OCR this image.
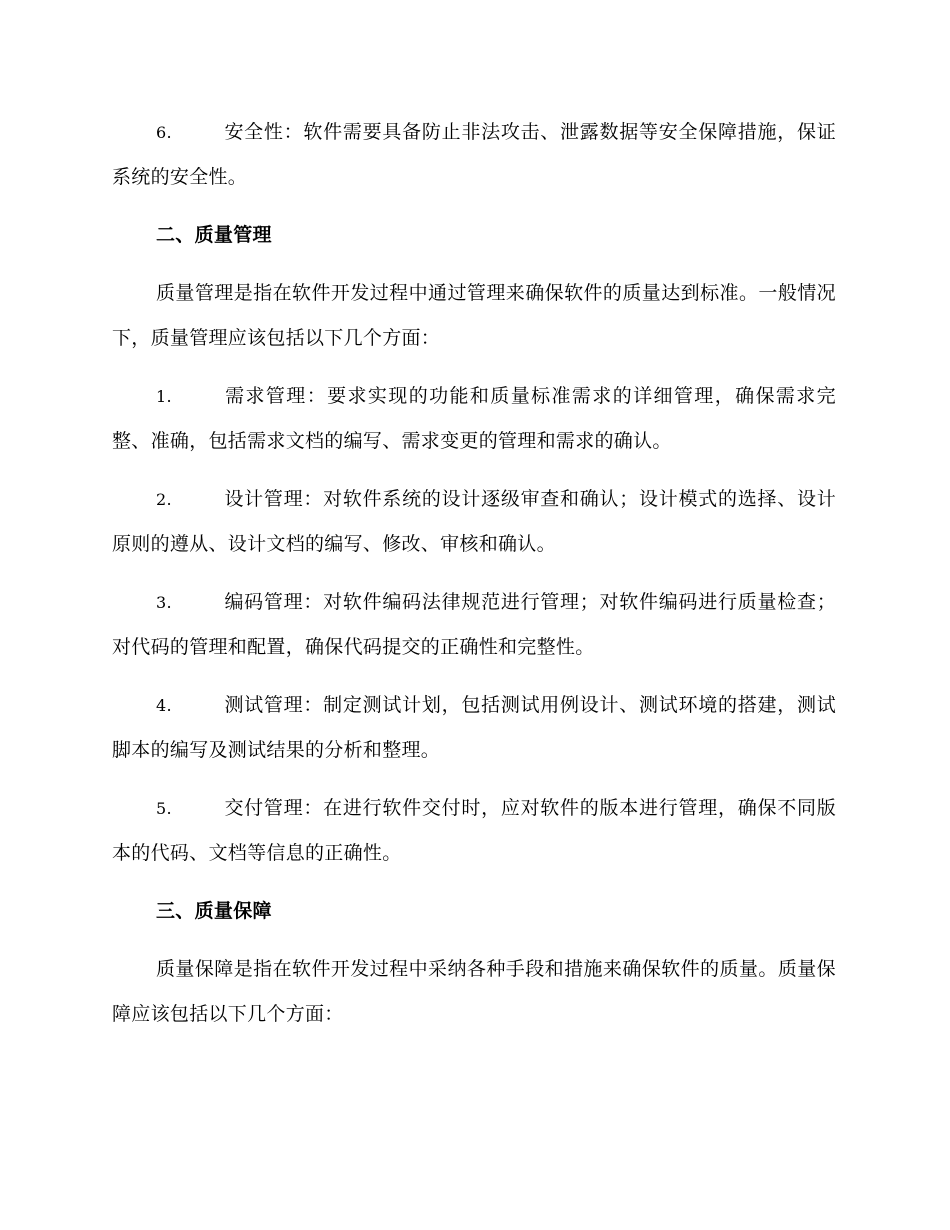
6.	安全性：软件需要具备防止非法攻击、泄露数据等安全保障措施，保证系统的安全性。

二、质量管理

质量管理是指在软件开发过程中通过管理来确保软件的质量达到标准。一般情况下，质量管理应该包括以下几个方面：

1.	需求管理：要求实现的功能和质量标准需求的详细管理，确保需求完整、准确，包括需求文档的编写、需求变更的管理和需求的确认。

2.	设计管理：对软件系统的设计逐级审查和确认；设计模式的选择、设计原则的遵从、设计文档的编写、修改、审核和确认。

3.	编码管理：对软件编码法律规范进行管理；对软件编码进行质量检查；对代码的管理和配置，确保代码提交的正确性和完整性。

4.	测试管理：制定测试计划，包括测试用例设计、测试环境的搭建，测试脚本的编写及测试结果的分析和整理。

5.	交付管理：在进行软件交付时，应对软件的版本进行管理，确保不同版本的代码、文档等信息的正确性。

三、质量保障

质量保障是指在软件开发过程中采纳各种手段和措施来确保软件的质量。质量保障应该包括以下几个方面：
